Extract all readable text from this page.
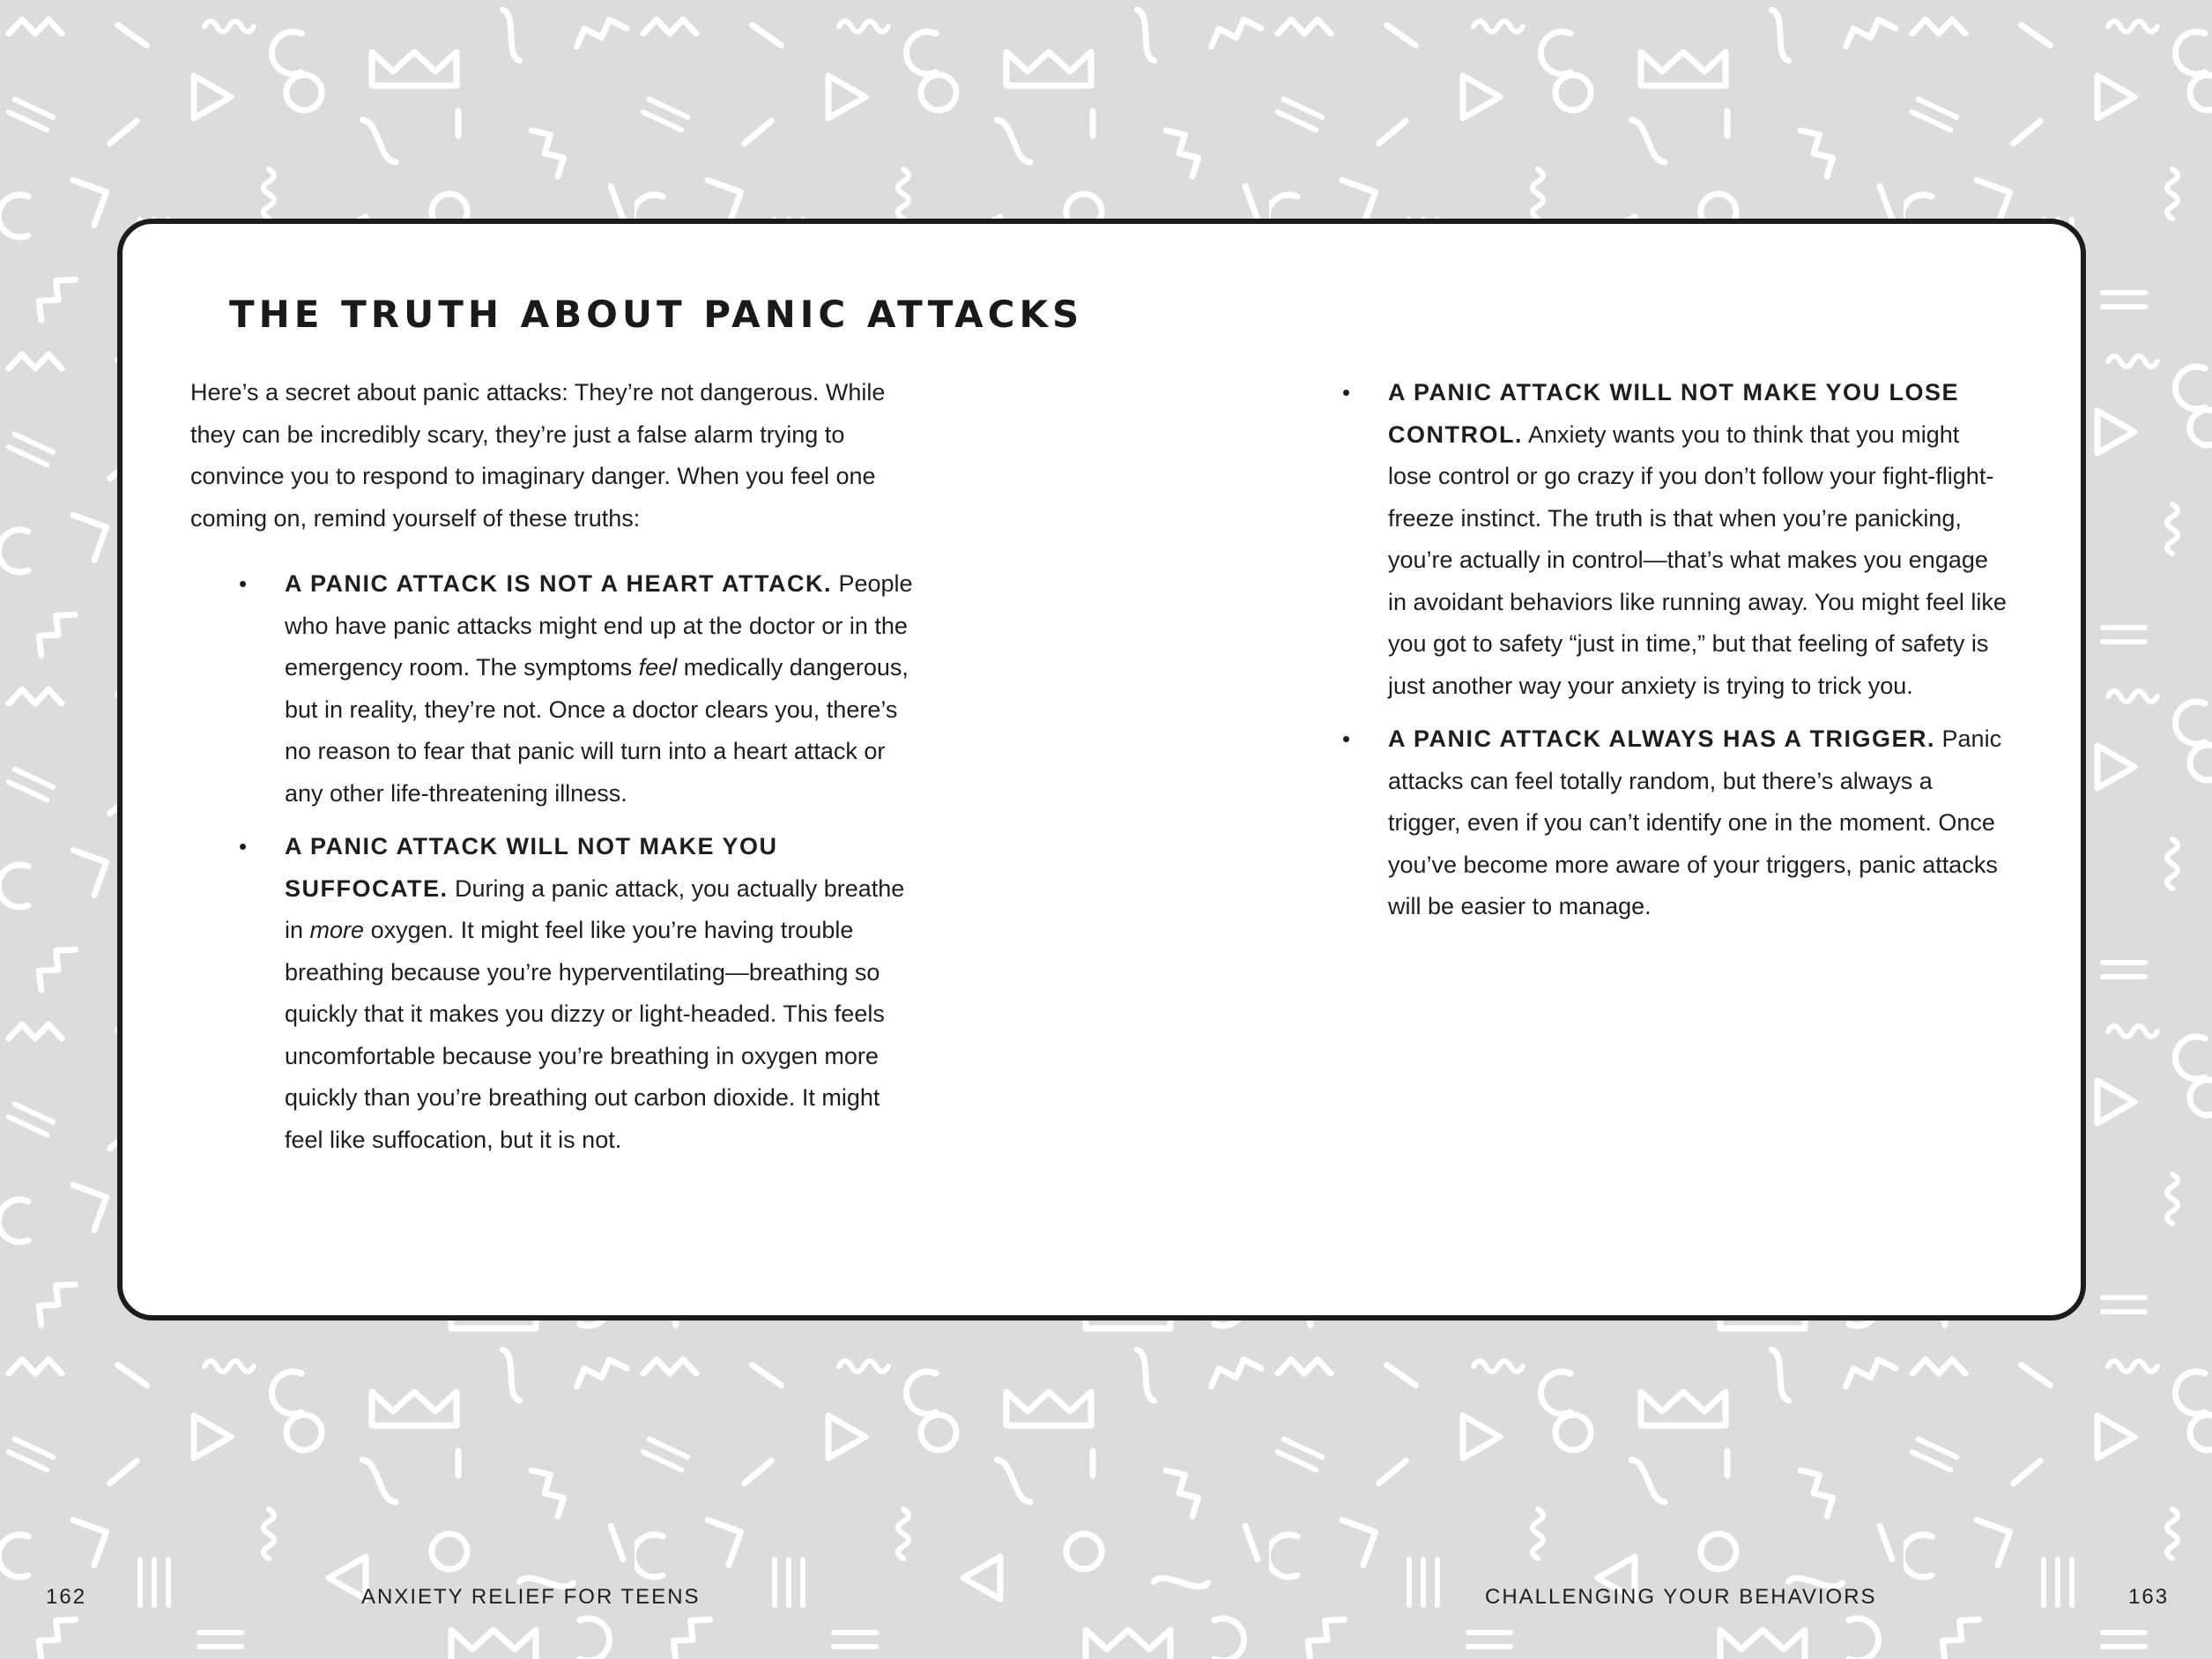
THE TRUTH ABOUT PANIC ATTACKS

Here’s a secret about panic attacks: They’re not dangerous. While they can be incredibly scary, they’re just a false alarm trying to convince you to respond to imaginary danger. When you feel one coming on, remind yourself of these truths:

• A PANIC ATTACK IS NOT A HEART ATTACK. People who have panic attacks might end up at the doctor or in the emergency room. The symptoms feel medically dangerous, but in reality, they’re not. Once a doctor clears you, there’s no reason to fear that panic will turn into a heart attack or any other life-threatening illness.
• A PANIC ATTACK WILL NOT MAKE YOU SUFFOCATE. During a panic attack, you actually breathe in more oxygen. It might feel like you’re having trouble breathing because you’re hyperventilating—breathing so quickly that it makes you dizzy or light-headed. This feels uncomfortable because you’re breathing in oxygen more quickly than you’re breathing out carbon dioxide. It might feel like suffocation, but it is not.
• A PANIC ATTACK WILL NOT MAKE YOU LOSE CONTROL. Anxiety wants you to think that you might lose control or go crazy if you don’t follow your fight-flight-freeze instinct. The truth is that when you’re panicking, you’re actually in control—that’s what makes you engage in avoidant behaviors like running away. You might feel like you got to safety “just in time,” but that feeling of safety is just another way your anxiety is trying to trick you.
• A PANIC ATTACK ALWAYS HAS A TRIGGER. Panic attacks can feel totally random, but there’s always a trigger, even if you can’t identify one in the moment. Once you’ve become more aware of your triggers, panic attacks will be easier to manage.
162	ANXIETY RELIEF FOR TEENS	CHALLENGING YOUR BEHAVIORS	163
